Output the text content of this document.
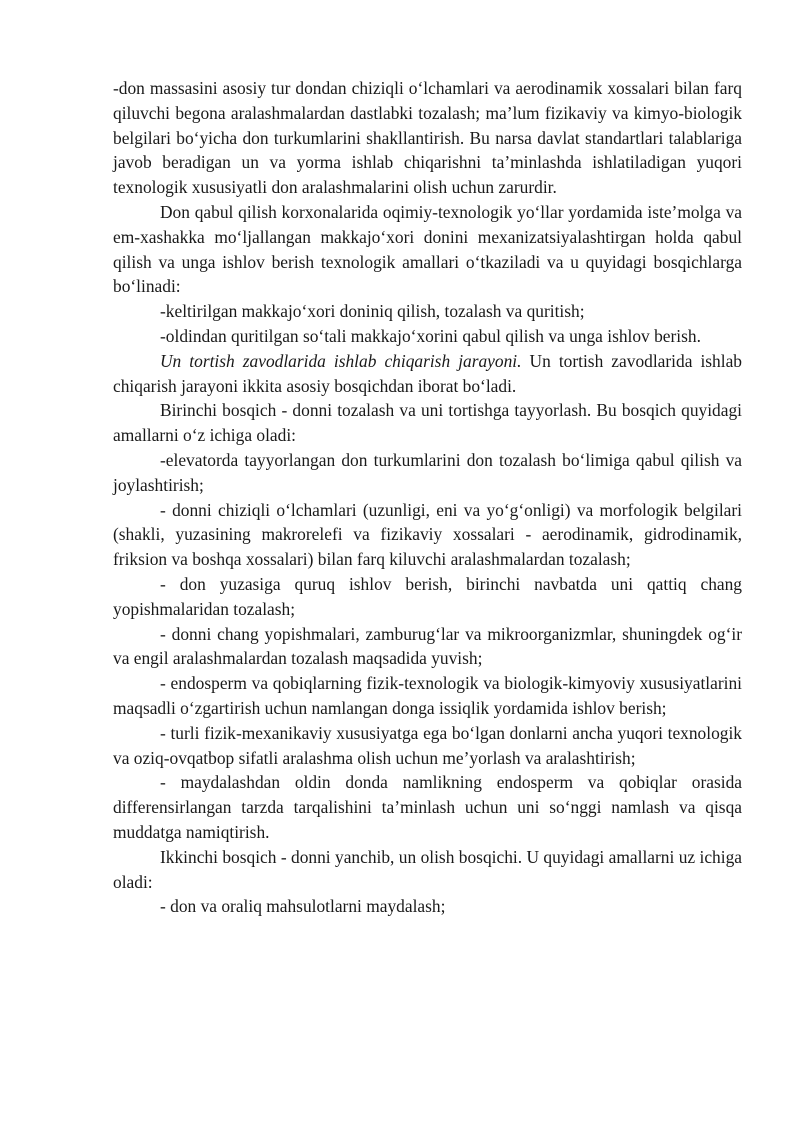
-don massasini asosiy tur dondan chiziqli o‘lchamlari va aerodinamik xossalari bilan farq qiluvchi begona aralashmalardan dastlabki tozalash; ma’lum fizikaviy va kimyo-biologik belgilari bo‘yicha don turkumlarini shakllantirish. Bu narsa davlat standartlari talablariga javob beradigan un va yorma ishlab chiqarishni ta’minlashda ishlatiladigan yuqori texnologik xususiyatli don aralashmalarini olish uchun zarurdir.

Don qabul qilish korxonalarida oqimiy-texnologik yo‘llar yordamida iste’molga va em-xashakka mo‘ljallangan makkajo‘xori donini mexanizatsiyalashtirgan holda qabul qilish va unga ishlov berish texnologik amallari o‘tkaziladi va u quyidagi bosqichlarga bo‘linadi:

-keltirilgan makkajo‘xori doniniq qilish, tozalash va quritish;

-oldindan quritilgan so‘tali makkajo‘xorini qabul qilish va unga ishlov berish.

Un tortish zavodlarida ishlab chiqarish jarayoni. Un tortish zavodlarida ishlab chiqarish jarayoni ikkita asosiy bosqichdan iborat bo‘ladi.

Birinchi bosqich - donni tozalash va uni tortishga tayyorlash. Bu bosqich quyidagi amallarni o‘z ichiga oladi:

-elevatorda tayyorlangan don turkumlarini don tozalash bo‘limiga qabul qilish va joylashtirish;

- donni chiziqli o‘lchamlari (uzunligi, eni va yo‘g‘onligi) va morfologik belgilari (shakli, yuzasining makrorelefi va fizikaviy xossalari - aerodinamik, gidrodinamik, friksion va boshqa xossalari) bilan farq kiluvchi aralashmalardan tozalash;

- don yuzasiga quruq ishlov berish, birinchi navbatda uni qattiq chang yopishmalaridan tozalash;

- donni chang yopishmalari, zamburug‘lar va mikroorganizmlar, shuningdek og‘ir va engil aralashmalardan tozalash maqsadida yuvish;

- endosperm va qobiqlarning fizik-texnologik va biologik-kimyoviy xususiyatlarini maqsadli o‘zgartirish uchun namlangan donga issiqlik yordamida ishlov berish;

- turli fizik-mexanikaviy xususiyatga ega bo‘lgan donlarni ancha yuqori texnologik va oziq-ovqatbop sifatli aralashma olish uchun me’yorlash va aralashtirish;

- maydalashdan oldin donda namlikning endosperm va qobiqlar orasida differensirlangan tarzda tarqalishini ta’minlash uchun uni so‘nggi namlash va qisqa muddatga namiqtirish.

Ikkinchi bosqich - donni yanchib, un olish bosqichi. U quyidagi amallarni uz ichiga oladi:

- don va oraliq mahsulotlarni maydalash;
